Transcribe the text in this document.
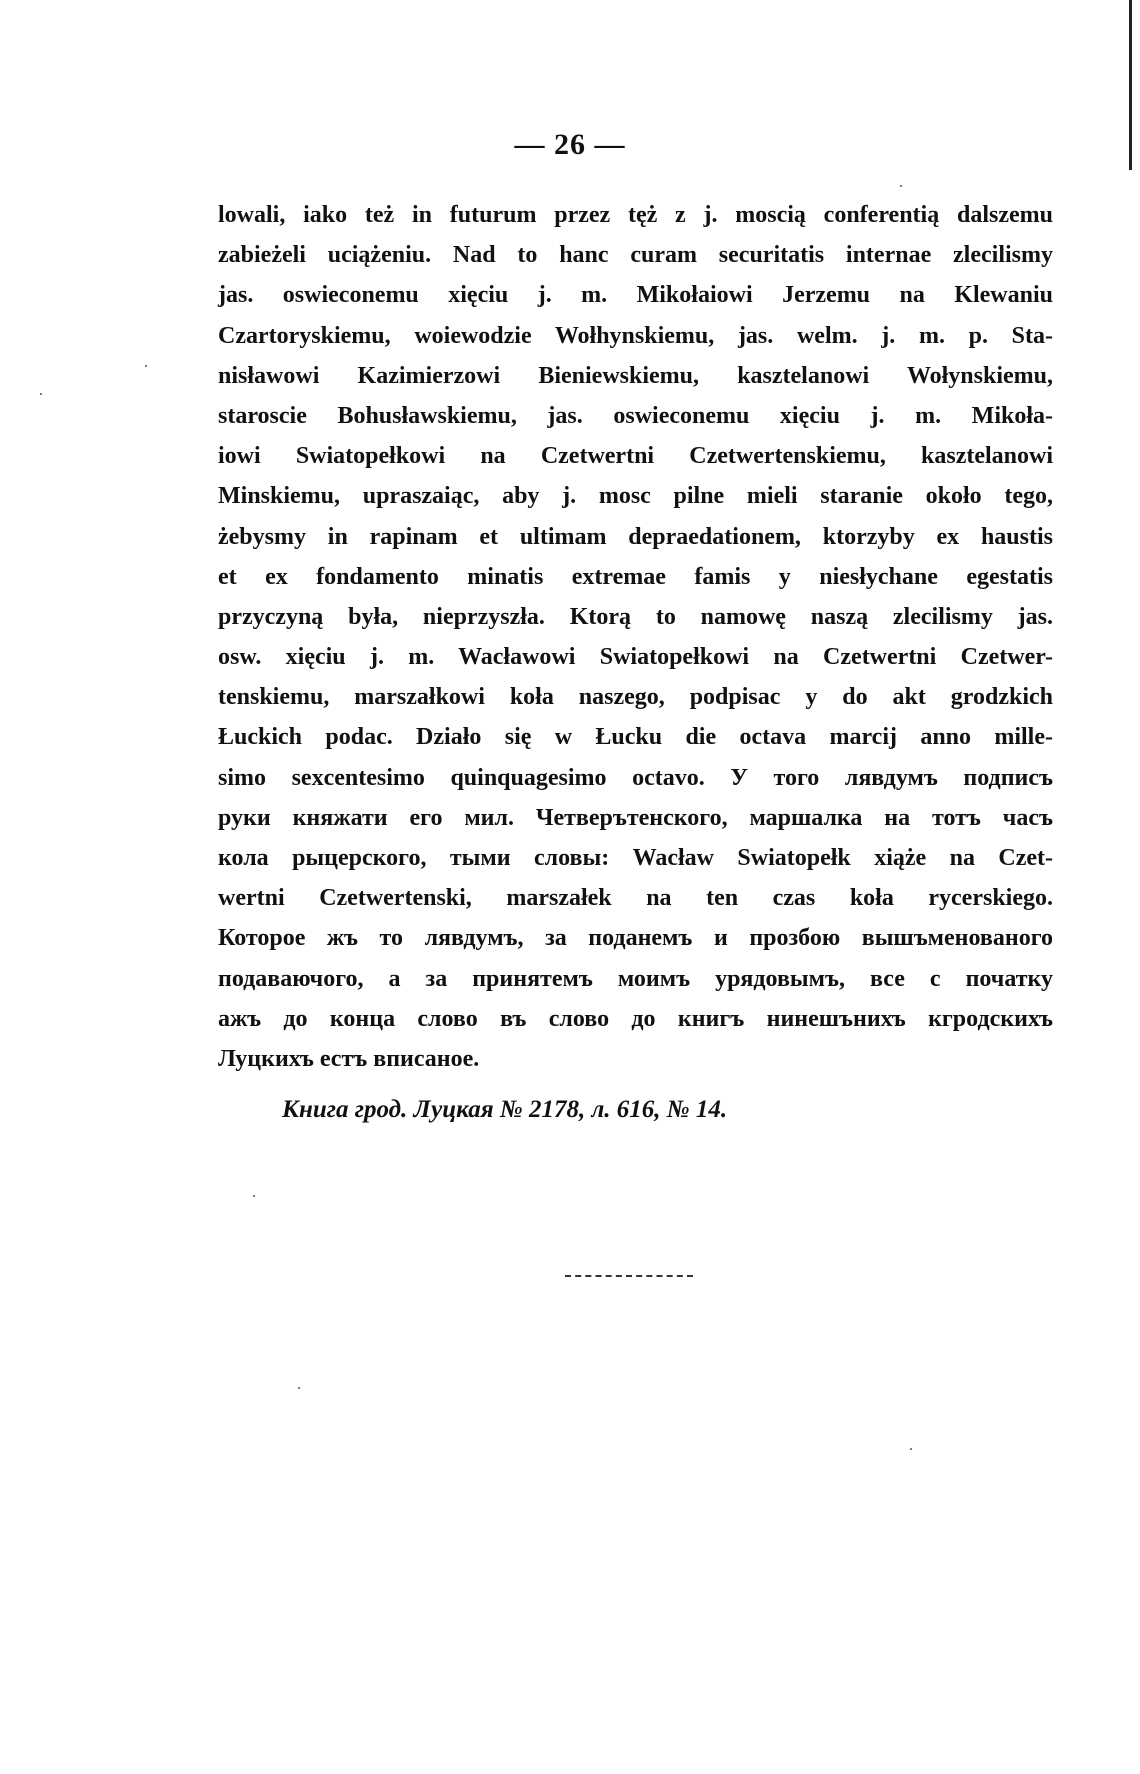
— 26 —
lowali, iako też in futurum przez tęż z j. moscią conferentią dalszemu
zabieżeli uciążeniu. Nad to hanc curam securitatis internae zlecilismy
jas. oswieconemu xięciu j. m. Mikołaiowi Jerzemu na Klewaniu
Czartoryskiemu, woiewodzie Wołhynskiemu, jas. welm. j. m. p. Sta-
nisławowi Kazimierzowi Bieniewskiemu, kasztelanowi Wołynskiemu,
staroscie Bohusławskiemu, jas. oswieconemu xięciu j. m. Mikoła-
iowi Swiatopełkowi na Czetwertni Czetwertenskiemu, kasztelanowi
Minskiemu, upraszaiąc, aby j. mosc pilne mieli staranie około tego,
żebysmy in rapinam et ultimam depraedationem, ktorzyby ex haustis
et ex fondamento minatis extremae famis y niesłychane egestatis
przyczyną była, nieprzyszła. Ktorą to namowę naszą zlecilismy jas.
osw. xięciu j. m. Wacławowi Swiatopełkowi na Czetwertni Czetwer-
tenskiemu, marszałkowi koła naszego, podpisac y do akt grodzkich
Łuckich podac. Działo się w Łucku die octava marcij anno mille-
simo sexcentesimo quinquagesimo octavo. У того лявдумъ подписъ
руки княжати его мил. Четверътенского, маршалка на тотъ часъ
кола рыцерского, тыми словы: Wacław Swiatopełk xiąże na Czet-
wertni Czetwertenski, marszałek na ten czas koła rycerskiego.
Которое жъ то лявдумъ, за поданемъ и прозбою вышъменованого
подаваючого, а за принятемъ моимъ урядовымъ, все с початку
ажъ до конца слово въ слово до книгъ нинешънихъ кгродскихъ
Луцкихъ естъ вписаное.
Книга грод. Луцкая № 2178, л. 616, № 14.
